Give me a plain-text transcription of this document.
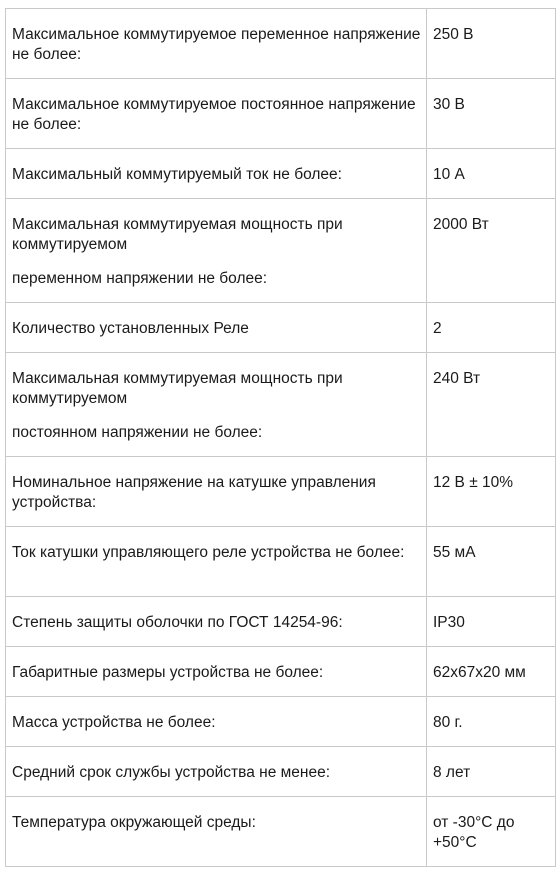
Максимальное коммутируемое переменное напряжение не более:	250 В

Максимальное коммутируемое постоянное напряжение не более:	30 В

Максимальный коммутируемый ток не более:	10 А

Максимальная коммутируемая мощность при коммутируемом

переменном напряжении не более:	2000 Вт

Количество установленных Реле	2

Максимальная коммутируемая мощность при коммутируемом

постоянном напряжении не более:	240 Вт

Номинальное напряжение на катушке управления устройства:	12 В ± 10%

Ток катушки управляющего реле устройства не более:	55 мА

Степень защиты оболочки по ГОСТ 14254-96:	IP30

Габаритные размеры устройства не более:	62x67x20 мм

Масса устройства не более:	80 г.

Средний срок службы устройства не менее:	8 лет

Температура окружающей среды:	от -30°C до +50°C
